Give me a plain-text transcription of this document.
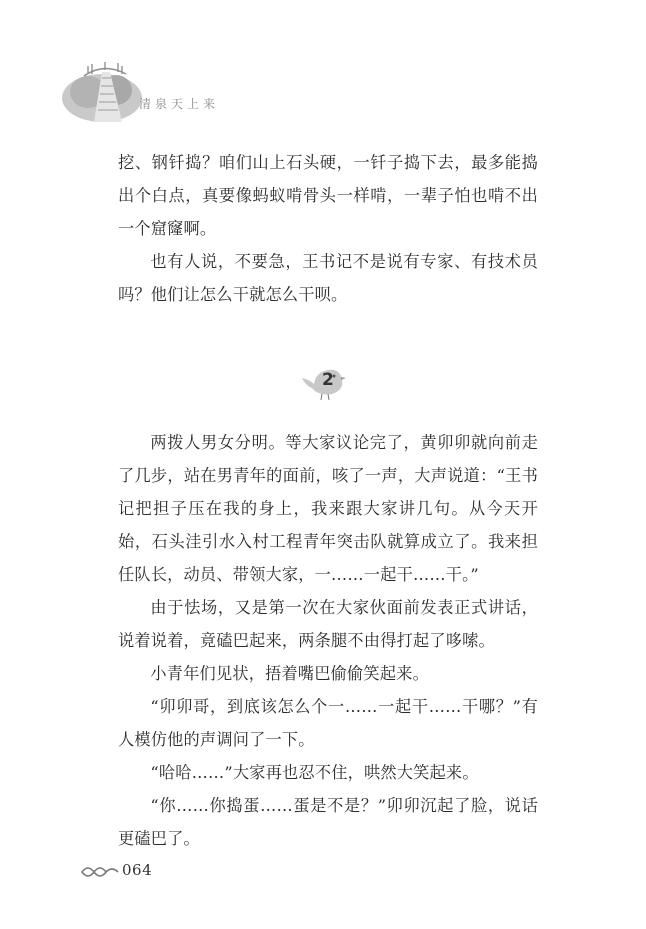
清泉天上来

挖、钢钎捣？咱们山上石头硬，一钎子捣下去，最多能捣出个白点，真要像蚂蚁啃骨头一样啃，一辈子怕也啃不出一个窟窿啊。

也有人说，不要急，王书记不是说有专家、有技术员吗？他们让怎么干就怎么干呗。

2

两拨人男女分明。等大家议论完了，黄卯卯就向前走了几步，站在男青年的面前，咳了一声，大声说道：“王书记把担子压在我的身上，我来跟大家讲几句。从今天开始，石头洼引水入村工程青年突击队就算成立了。我来担任队长，动员、带领大家，一……一起干……干。”

由于怯场，又是第一次在大家伙面前发表正式讲话，说着说着，竟磕巴起来，两条腿不由得打起了哆嗦。

小青年们见状，捂着嘴巴偷偷笑起来。

“卯卯哥，到底该怎么个一……一起干……干哪？”有人模仿他的声调问了一下。

“哈哈……”大家再也忍不住，哄然大笑起来。

“你……你捣蛋……蛋是不是？”卯卯沉起了脸，说话更磕巴了。

064
